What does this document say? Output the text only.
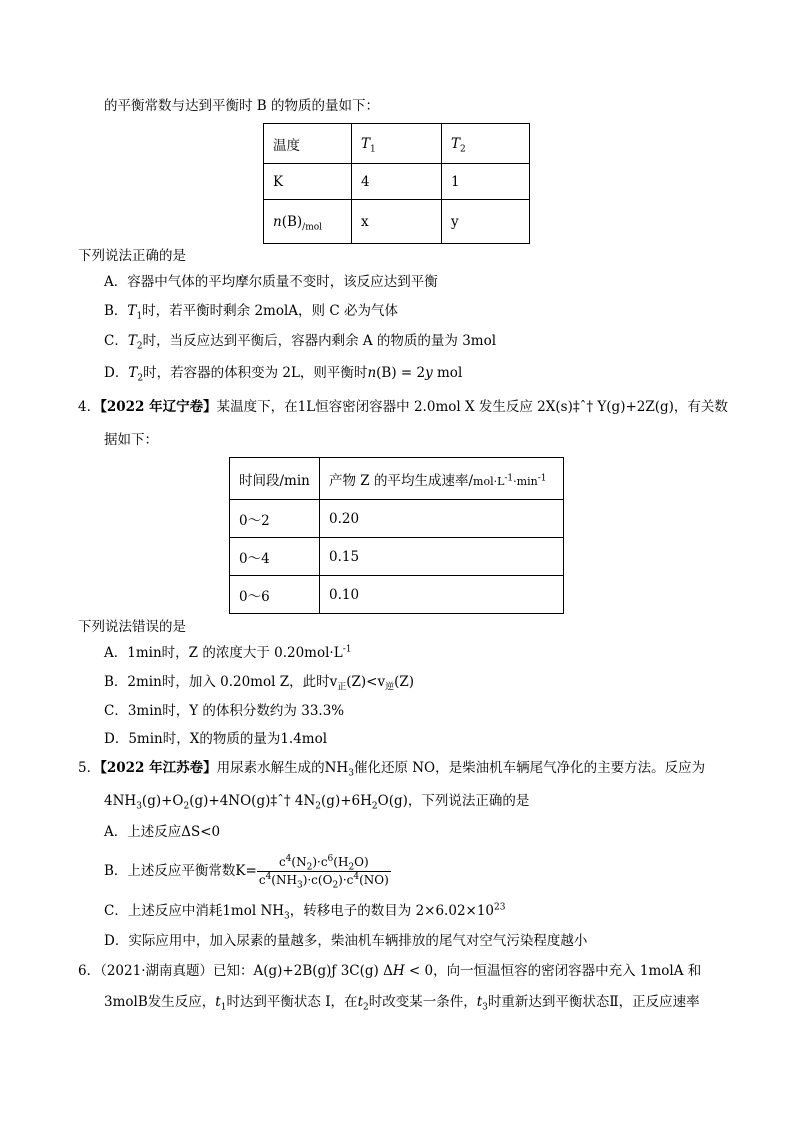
的平衡常数与达到平衡时 B 的物质的量如下：
温度	$T_1$	$T_2$
K	4	1
$n(B)_{/mol}$	x	y
下列说法正确的是
A．容器中气体的平均摩尔质量不变时，该反应达到平衡
B．$T_1$时，若平衡时剩余 2molA，则 C 必为气体
C．$T_2$时，当反应达到平衡后，容器内剩余 A 的物质的量为 3mol
D．$T_2$时，若容器的体积变为 2L，则平衡时n(B) = 2y mol
4．【2022 年辽宁卷】某温度下，在1L恒容密闭容器中 2.0mol X 发生反应 2X(s)‡ˆ† Y(g)+2Z(g)，有关数
据如下：
时间段/min	产物 Z 的平均生成速率$/mol\cdot L^{-1}\cdot\min^{-1}$
0～2	0.20
0～4	0.15
0～6	0.10
下列说法错误的是
A．1min时，Z 的浓度大于 $0.20mol\cdot L^{-1}$
B．2min时，加入 0.20mol Z，此时$v_正(Z)<v_逆(Z)$
C．3min时，Y 的体积分数约为 33.3%
D．5min时，X的物质的量为1.4mol
5．【2022 年江苏卷】用尿素水解生成的$NH_3$催化还原 NO，是柴油机车辆尾气净化的主要方法。反应为
$4NH_3(g)+O_2(g)+4NO(g)\ddagger ˆ\dagger$ $4N_2(g)+6H_2O(g)$，下列说法正确的是
A．上述反应ΔS<0
B．上述反应平衡常数$K= \frac{c^4(N_2)\cdot c^6(H_2O)}{c^4(NH_3)\cdot c(O_2)\cdot c^4(NO)}$
C．上述反应中消耗1mol $NH_3$，转移电子的数目为 $2\times 6.02\times 10^{23}$
D．实际应用中，加入尿素的量越多，柴油机车辆排放的尾气对空气污染程度越小
6．（2021·湖南真题）已知：A(g)+2B(g)ƒ 3C(g) ΔH < 0，向一恒温恒容的密闭容器中充入 1molA 和
3molB发生反应，$t_1$时达到平衡状态 I，在$t_2$时改变某一条件，$t_3$时重新达到平衡状态Ⅱ，正反应速率
